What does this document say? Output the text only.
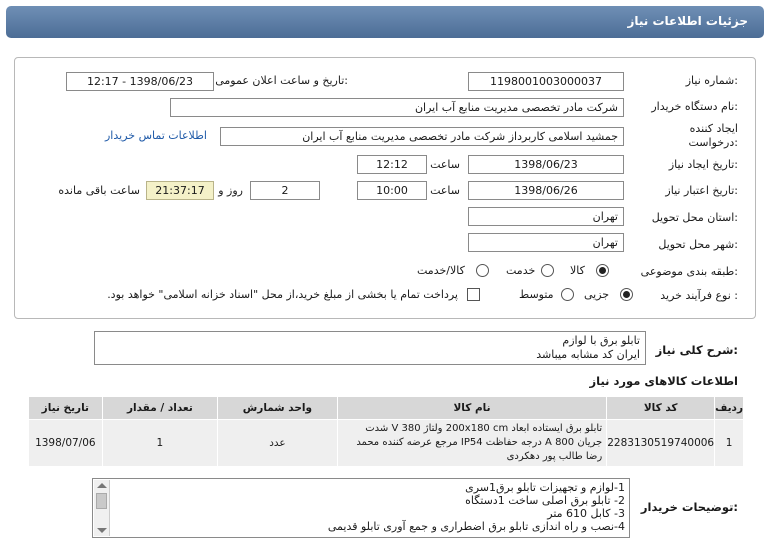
جزئیات اطلاعات نیاز
شماره نیاز:
1198001003000037
تاریخ و ساعت اعلان عمومی:
1398/06/23 - 12:17
نام دستگاه خریدار:
شرکت مادر تخصصی مدیریت منابع آب ایران
ایجاد کننده درخواست:
جمشید اسلامی کاربرداز شرکت مادر تخصصی مدیریت منابع آب ایران
اطلاعات تماس خریدار
تاریخ ایجاد نیاز:
1398/06/23
ساعت
12:12
تاریخ اعتبار نیاز:
1398/06/26
ساعت
10:00
2
روز و
21:37:17
ساعت باقی مانده
استان محل تحویل:
تهران
شهر محل تحویل:
تهران
طبقه بندی موضوعی:
کالا
خدمت
کالا/خدمت
نوع فرآیند خرید :
جزیی
متوسط
پرداخت تمام یا بخشی از مبلغ خرید،از محل "اسناد خزانه اسلامی" خواهد بود.
شرح کلی نیاز:
تابلو برق با لوازم
ایران کد مشابه میباشد
اطلاعات کالاهای مورد نیاز
ردیف	کد کالا	نام کالا	واحد شمارش	تعداد / مقدار	تاریخ نیاز
1	2283130519740006	تابلو برق ایستاده ابعاد 200x180 cm ولتاژ 380 V شدت جریان 800 A درجه حفاظت IP54 مرجع عرضه کننده محمد رضا طالب پور دهکردی	عدد	1	1398/07/06
توضیحات خریدار:
1-لوازم و تجهیزات تابلو برق1سری
2- تابلو برق اصلی ساخت 1دستگاه
3- کابل 610 متر
4-نصب و راه اندازی تابلو برق اضطراری و جمع آوری تابلو قدیمی
